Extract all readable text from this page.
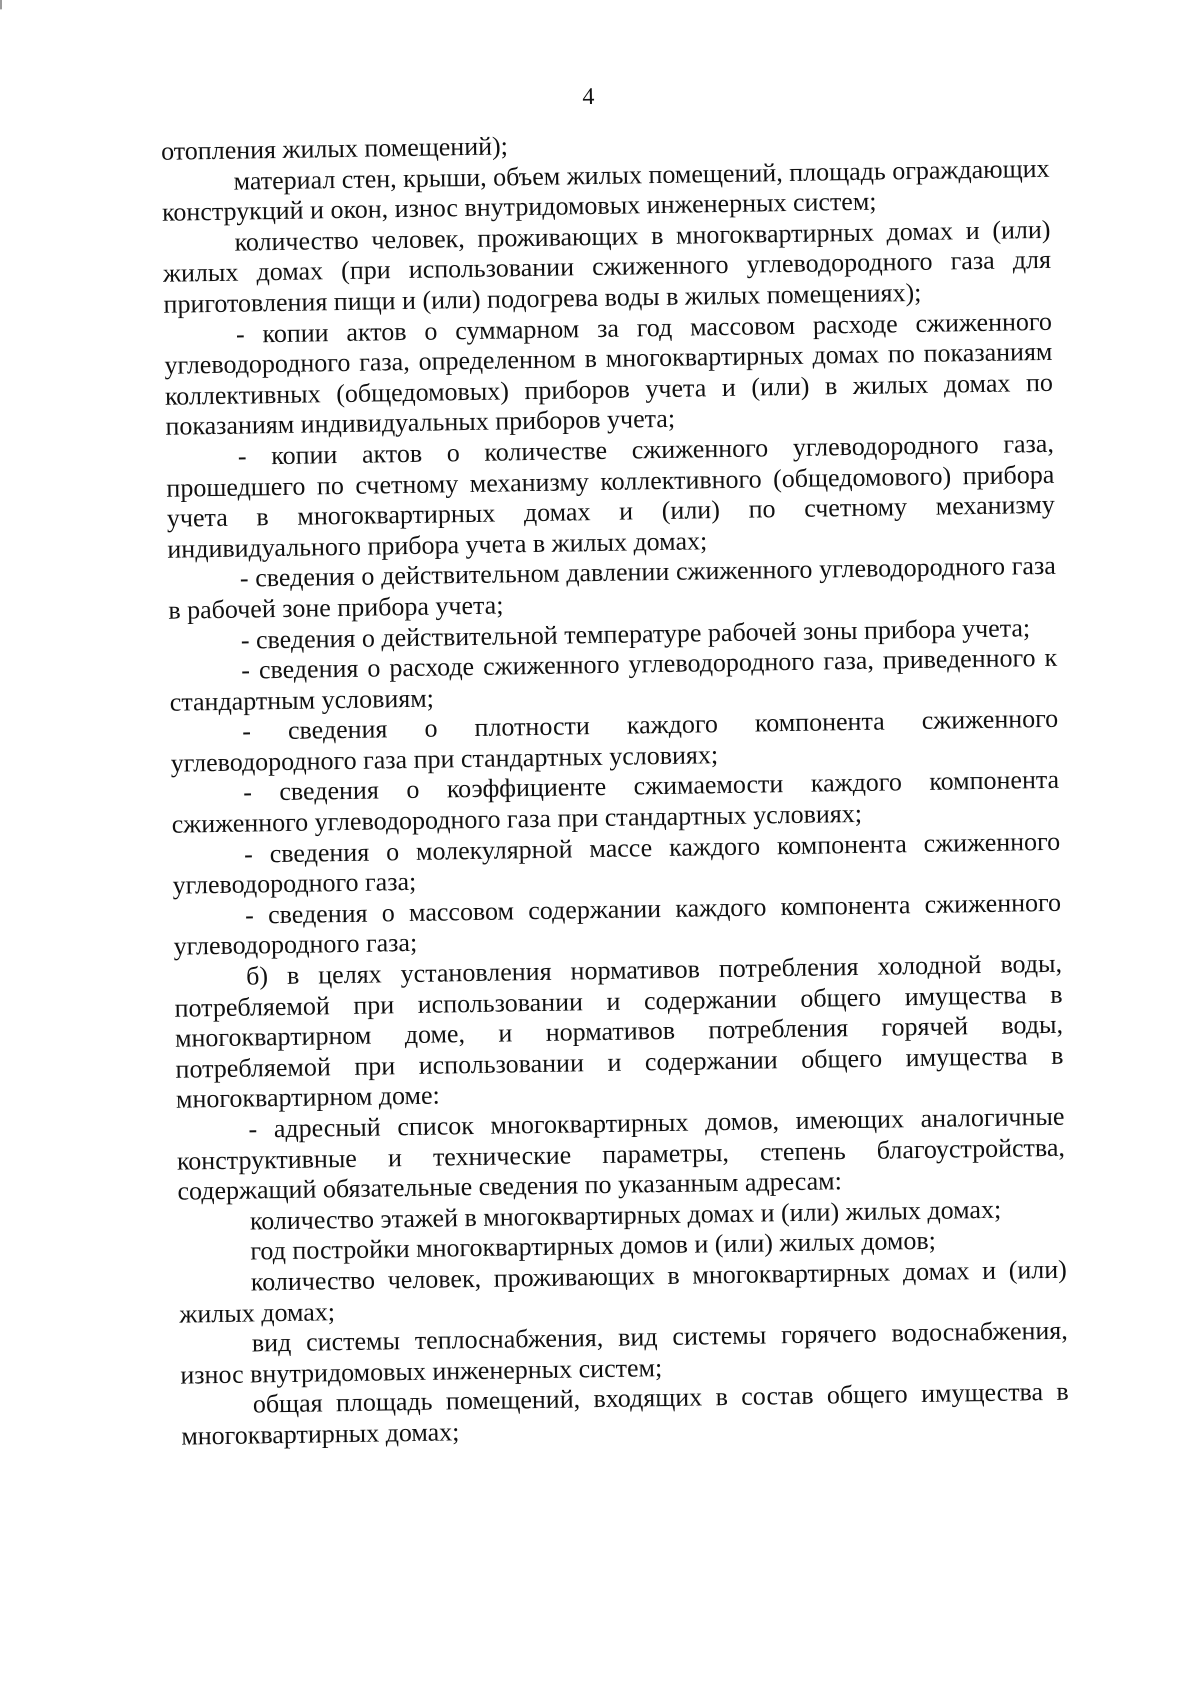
4

отопления жилых помещений);

материал стен, крыши, объем жилых помещений, площадь ограждающих конструкций и окон, износ внутридомовых инженерных систем;

количество человек, проживающих в многоквартирных домах и (или) жилых домах (при использовании сжиженного углеводородного газа для приготовления пищи и (или) подогрева воды в жилых помещениях);

- копии актов о суммарном за год массовом расходе сжиженного углеводородного газа, определенном в многоквартирных домах по показаниям коллективных (общедомовых) приборов учета и (или) в жилых домах по показаниям индивидуальных приборов учета;

- копии актов о количестве сжиженного углеводородного газа, прошедшего по счетному механизму коллективного (общедомового) прибора учета в многоквартирных домах и (или) по счетному механизму индивидуального прибора учета в жилых домах;

- сведения о действительном давлении сжиженного углеводородного газа в рабочей зоне прибора учета;

- сведения о действительной температуре рабочей зоны прибора учета;

- сведения о расходе сжиженного углеводородного газа, приведенного к стандартным условиям;

- сведения о плотности каждого компонента сжиженного углеводородного газа при стандартных условиях;

- сведения о коэффициенте сжимаемости каждого компонента сжиженного углеводородного газа при стандартных условиях;

- сведения о молекулярной массе каждого компонента сжиженного углеводородного газа;

- сведения о массовом содержании каждого компонента сжиженного углеводородного газа;

б) в целях установления нормативов потребления холодной воды, потребляемой при использовании и содержании общего имущества в многоквартирном доме, и нормативов потребления горячей воды, потребляемой при использовании и содержании общего имущества в многоквартирном доме:

- адресный список многоквартирных домов, имеющих аналогичные конструктивные и технические параметры, степень благоустройства, содержащий обязательные сведения по указанным адресам:

количество этажей в многоквартирных домах и (или) жилых домах;

год постройки многоквартирных домов и (или) жилых домов;

количество человек, проживающих в многоквартирных домах и (или) жилых домах;

вид системы теплоснабжения, вид системы горячего водоснабжения, износ внутридомовых инженерных систем;

общая площадь помещений, входящих в состав общего имущества в многоквартирных домах;
